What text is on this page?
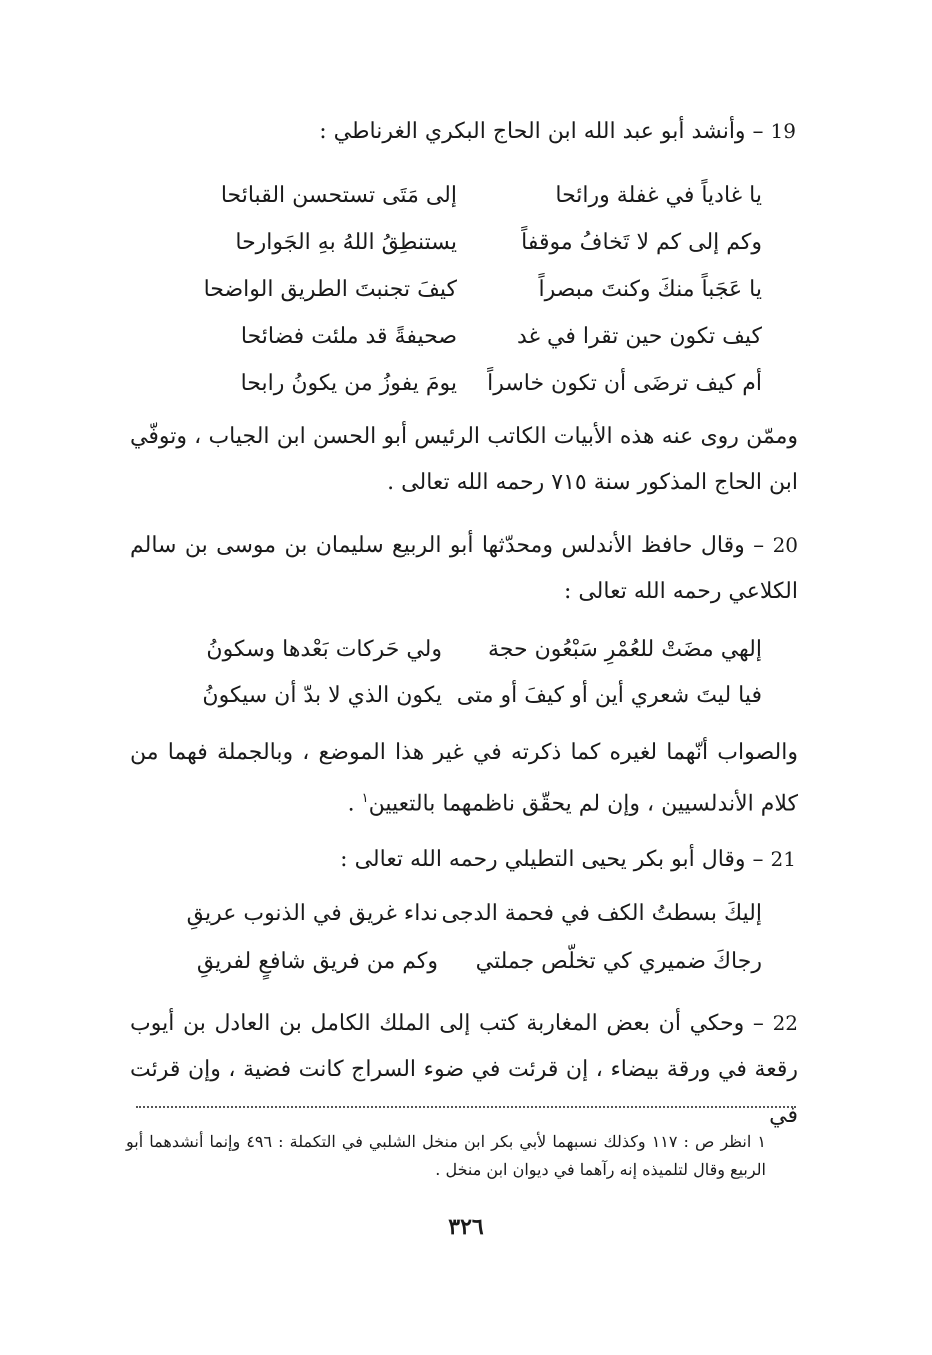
19 – وأنشد أبو عبد الله ابن الحاج البكري الغرناطي :
يا غادياً في غفلة ورائحا
إلى مَتَى تستحسن القبائحا
وكم إلى كم لا تَخافُ موقفاً
يستنطِقُ اللهُ بهِ الجَوارحا
يا عَجَباً منكَ وكنتَ مبصراً
كيفَ تجنبتَ الطريق الواضحا
كيف تكون حين تقرا في غد
صحيفةً قد ملئت فضائحا
أم كيف ترضَى أن تكون خاسراً
يومَ يفوزُ من يكونُ رابحا
وممّن روى عنه هذه الأبيات الكاتب الرئيس أبو الحسن ابن الجياب ، وتوفّي ابن الحاج المذكور سنة ٧١٥ رحمه الله تعالى .
20 – وقال حافظ الأندلس ومحدّثها أبو الربيع سليمان بن موسى بن سالم الكلاعي رحمه الله تعالى :
إلهي مضَتْ للعُمْرِ سَبْعُون حجة
ولي حَركات بَعْدها وسكونُ
فيا ليتَ شعري أين أو كيفَ أو متى
يكون الذي لا بدّ أن سيكونُ
والصواب أنّهما لغيره كما ذكرته في غير هذا الموضع ، وبالجملة فهما من كلام الأندلسيين ، وإن لم يحقّق ناظمهما بالتعيين$^١$ .
21 – وقال أبو بكر يحيى التطيلي رحمه الله تعالى :
إليكَ بسطتُ الكف في فحمة الدجى
نداء غريق في الذنوب عريقِ
رجاكَ ضميري كي تخلّص جملتي
وكم من فريق شافعٍ لفريقِ
22 – وحكي أن بعض المغاربة كتب إلى الملك الكامل بن العادل بن أيوب رقعة في ورقة بيضاء ، إن قرئت في ضوء السراج كانت فضية ، وإن قرئت في
١ انظر ص : ١١٧ وكذلك نسبهما لأبي بكر ابن منخل الشلبي في التكملة : ٤٩٦ وإنما أنشدهما أبو الربيع وقال لتلميذه إنه رآهما في ديوان ابن منخل .
٣٢٦
